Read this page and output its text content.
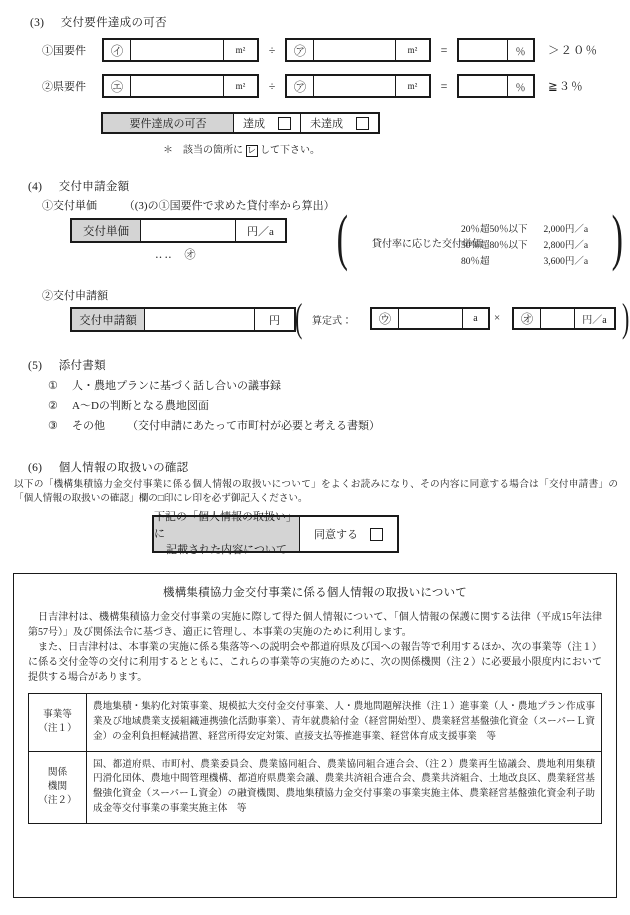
(3) 交付要件達成の可否
①国要件	㋑	m²	÷	㋐	m²	=	％	＞２０％
②県要件	㋓	m²	÷	㋐	m²	=	％	≧３％
要件達成の可否	達成	未達成
＊　該当の箇所に レ して下さい。
(4) 交付申請金額
①交付単価 （(3)の①国要件で求めた貸付率から算出）
交付単価	円／a
‥‥ ㋔ (	)
貸付率に応じた交付単価
20％超50％以下	2,000円／a
50％超80％以下	2,800円／a
80％超	3,600円／a
②交付申請額
交付申請額	円 (	)
算定式：	㋒	a	×	㋔	円／a
(5) 添付書類
① 人・農地プランに基づく話し合いの議事録
② A～Dの判断となる農地図面
③ その他 （交付申請にあたって市町村が必要と考える書類）
(6) 個人情報の取扱いの確認
以下の「機構集積協力金交付事業に係る個人情報の取扱いについて」をよくお読みになり、その内容に同意する場合は「交付申請書」の「個人情報の取扱いの確認」欄の□印にレ印を必ず御記入ください。
下記の「個人情報の取扱い」に
記載された内容について
同意する
機構集積協力金交付事業に係る個人情報の取扱いについて

日吉津村は、機構集積協力金交付事業の実施に際して得た個人情報について、「個人情報の保護に関する法律（平成15年法律第57号）」及び関係法令に基づき、適正に管理し、本事業の実施のために利用します。

また、日吉津村は、本事業の実施に係る集落等への説明会や都道府県及び国への報告等で利用するほか、次の事業等（注１）に係る交付金等の交付に利用するとともに、これらの事業等の実施のために、次の関係機関（注２）に必要最小限度内において提供する場合があります。

事業等
（注１）	農地集積・集約化対策事業、規模拡大交付金交付事業、人・農地問題解決推（注１）進事業（人・農地プラン作成事業及び地域農業支援組織連携強化活動事業）、青年就農給付金（経営開始型）、農業経営基盤強化資金（スーパーＬ資金）の金利負担軽減措置、経営所得安定対策、直接支払等推進事業、経営体育成支援事業　等

関係
機関
（注２）	国、都道府県、市町村、農業委員会、農業協同組合、農業協同組合連合会、（注２）農業再生協議会、農地利用集積円滑化団体、農地中間管理機構、都道府県農業会議、農業共済組合連合会、農業共済組合、土地改良区、農業経営基盤強化資金（スーパーＬ資金）の融資機関、農地集積協力金交付事業の事業実施主体、農業経営基盤強化資金利子助成金等交付事業の事業実施主体　等
